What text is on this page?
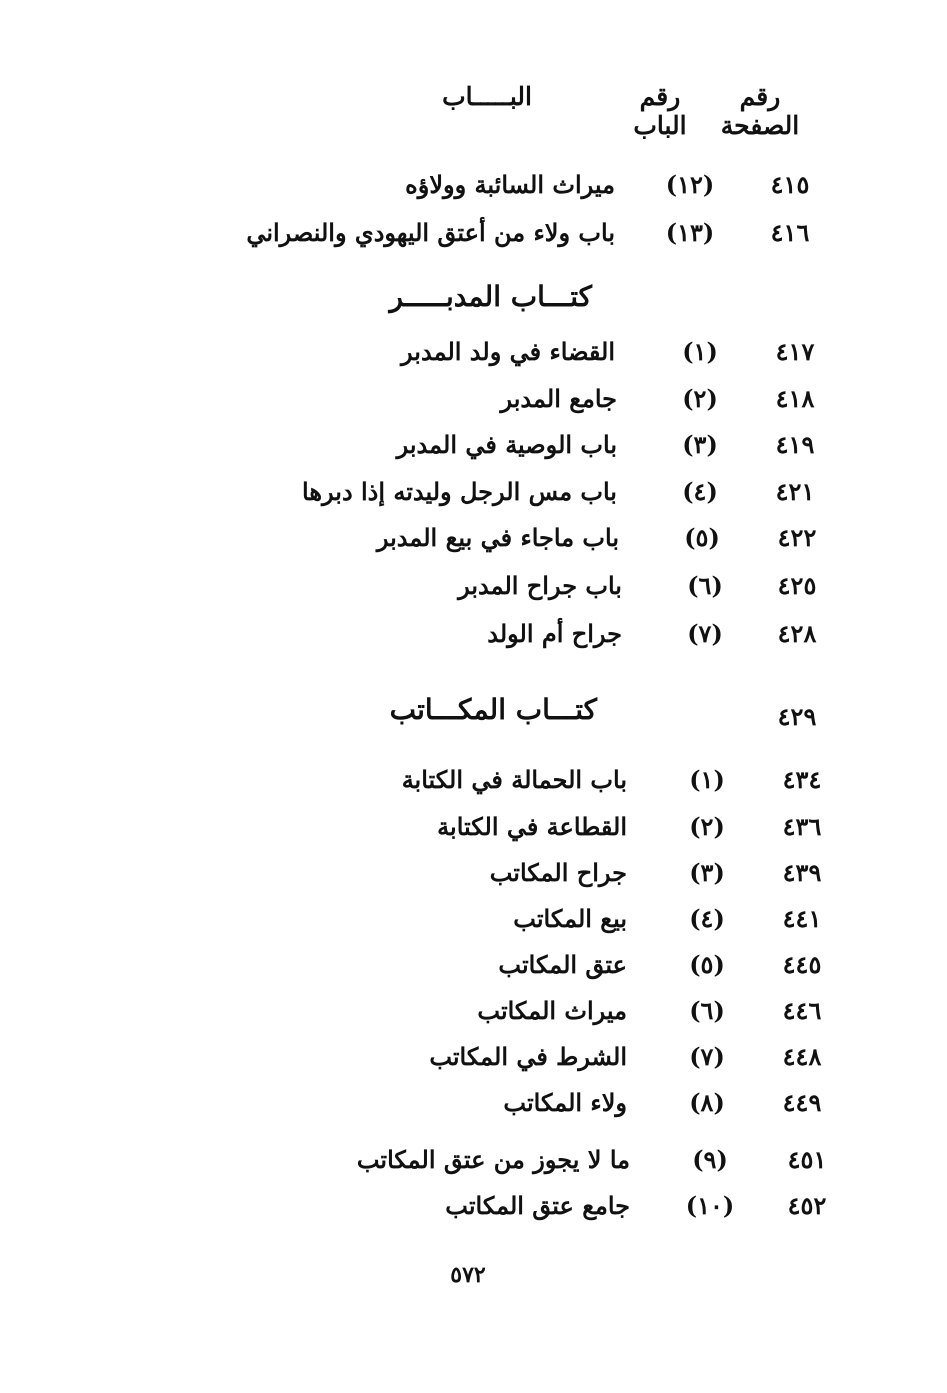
رقم
الصفحة
رقم
الباب
البـــــاب
٤١٥
(١٢)
ميراث السائبة وولاؤه
٤١٦
(١٣)
باب ولاء من أعتق اليهودي والنصراني
كتـــاب المدبـــــر
٤١٧
(١)
القضاء في ولد المدبر
٤١٨
(٢)
جامع المدبر
٤١٩
(٣)
باب الوصية في المدبر
٤٢١
(٤)
باب مس الرجل وليدته إذا دبرها
٤٢٢
(٥)
باب ماجاء في بيع المدبر
٤٢٥
(٦)
باب جراح المدبر
٤٢٨
(٧)
جراح أم الولد
٤٢٩
كتـــاب المكـــاتب
٤٣٤
(١)
باب الحمالة في الكتابة
٤٣٦
(٢)
القطاعة في الكتابة
٤٣٩
(٣)
جراح المكاتب
٤٤١
(٤)
بيع المكاتب
٤٤٥
(٥)
عتق المكاتب
٤٤٦
(٦)
ميراث المكاتب
٤٤٨
(٧)
الشرط في المكاتب
٤٤٩
(٨)
ولاء المكاتب
٤٥١
(٩)
ما لا يجوز من عتق المكاتب
٤٥٢
(١٠)
جامع عتق المكاتب
٥٧٢
